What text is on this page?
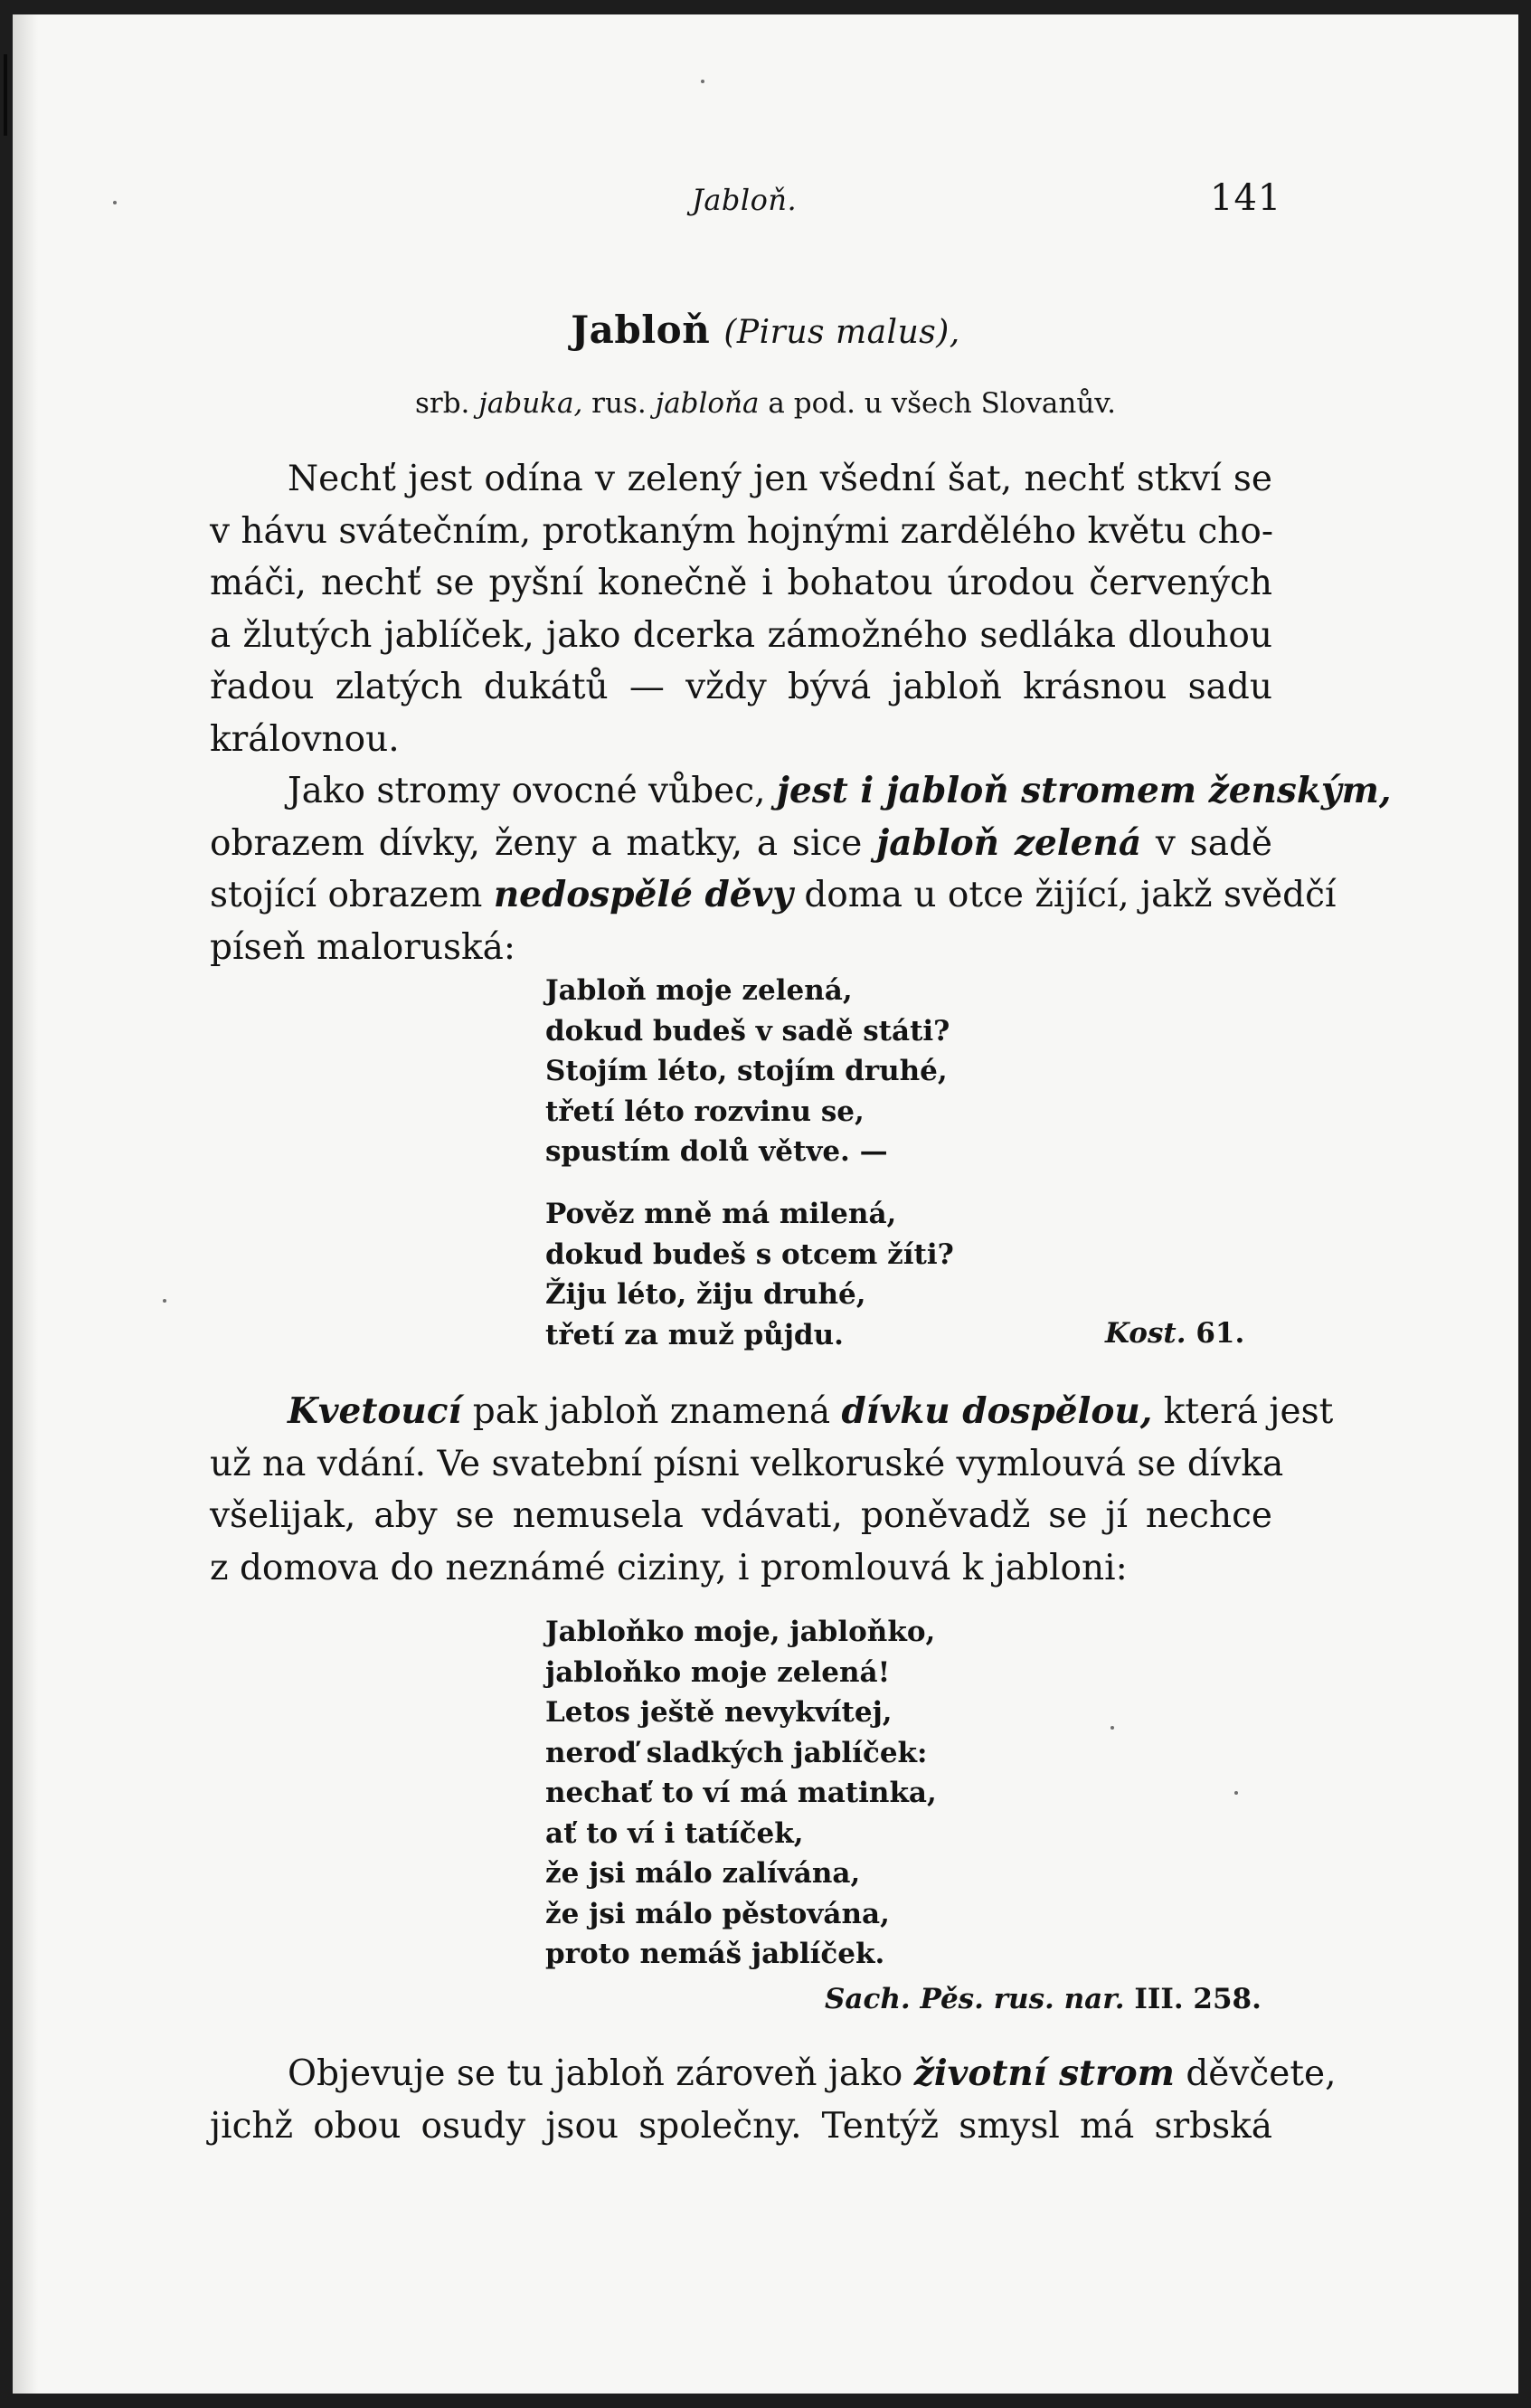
Jabloň.	141
Jabloň (Pirus malus),
srb. jabuka, rus. jabloňa a pod. u všech Slovanův.
Nechť jest odína v zelený jen všední šat, nechť stkví se
v hávu svátečním, protkaným hojnými zardělého květu cho-
máči, nechť se pyšní konečně i bohatou úrodou červených
a žlutých jablíček, jako dcerka zámožného sedláka dlouhou
řadou zlatých dukátů — vždy bývá jabloň krásnou sadu
královnou.
Jako stromy ovocné vůbec, jest i jabloň stromem ženským,
obrazem dívky, ženy a matky, a sice jabloň zelená v sadě
stojící obrazem nedospělé děvy doma u otce žijící, jakž svědčí
píseň maloruská:
Jabloň moje zelená,
dokud budeš v sadě státi?
Stojím léto, stojím druhé,
třetí léto rozvinu se,
spustím dolů větve. —
Pověz mně má milená,
dokud budeš s otcem žíti?
Žiju léto, žiju druhé,
třetí za muž půjdu.	Kost. 61.
Kvetoucí pak jabloň znamená dívku dospělou, která jest
už na vdání. Ve svatební písni velkoruské vymlouvá se dívka
všelijak, aby se nemusela vdávati, poněvadž se jí nechce
z domova do neznámé ciziny, i promlouvá k jabloni:
Jabloňko moje, jabloňko,
jabloňko moje zelená!
Letos ještě nevykvítej,
neroď sladkých jablíček:
nechať to ví má matinka,
ať to ví i tatíček,
že jsi málo zalívána,
že jsi málo pěstována,
proto nemáš jablíček.
Sach. Pěs. rus. nar. III. 258.
Objevuje se tu jabloň zároveň jako životní strom děvčete,
jichž obou osudy jsou společny. Tentýž smysl má srbská
